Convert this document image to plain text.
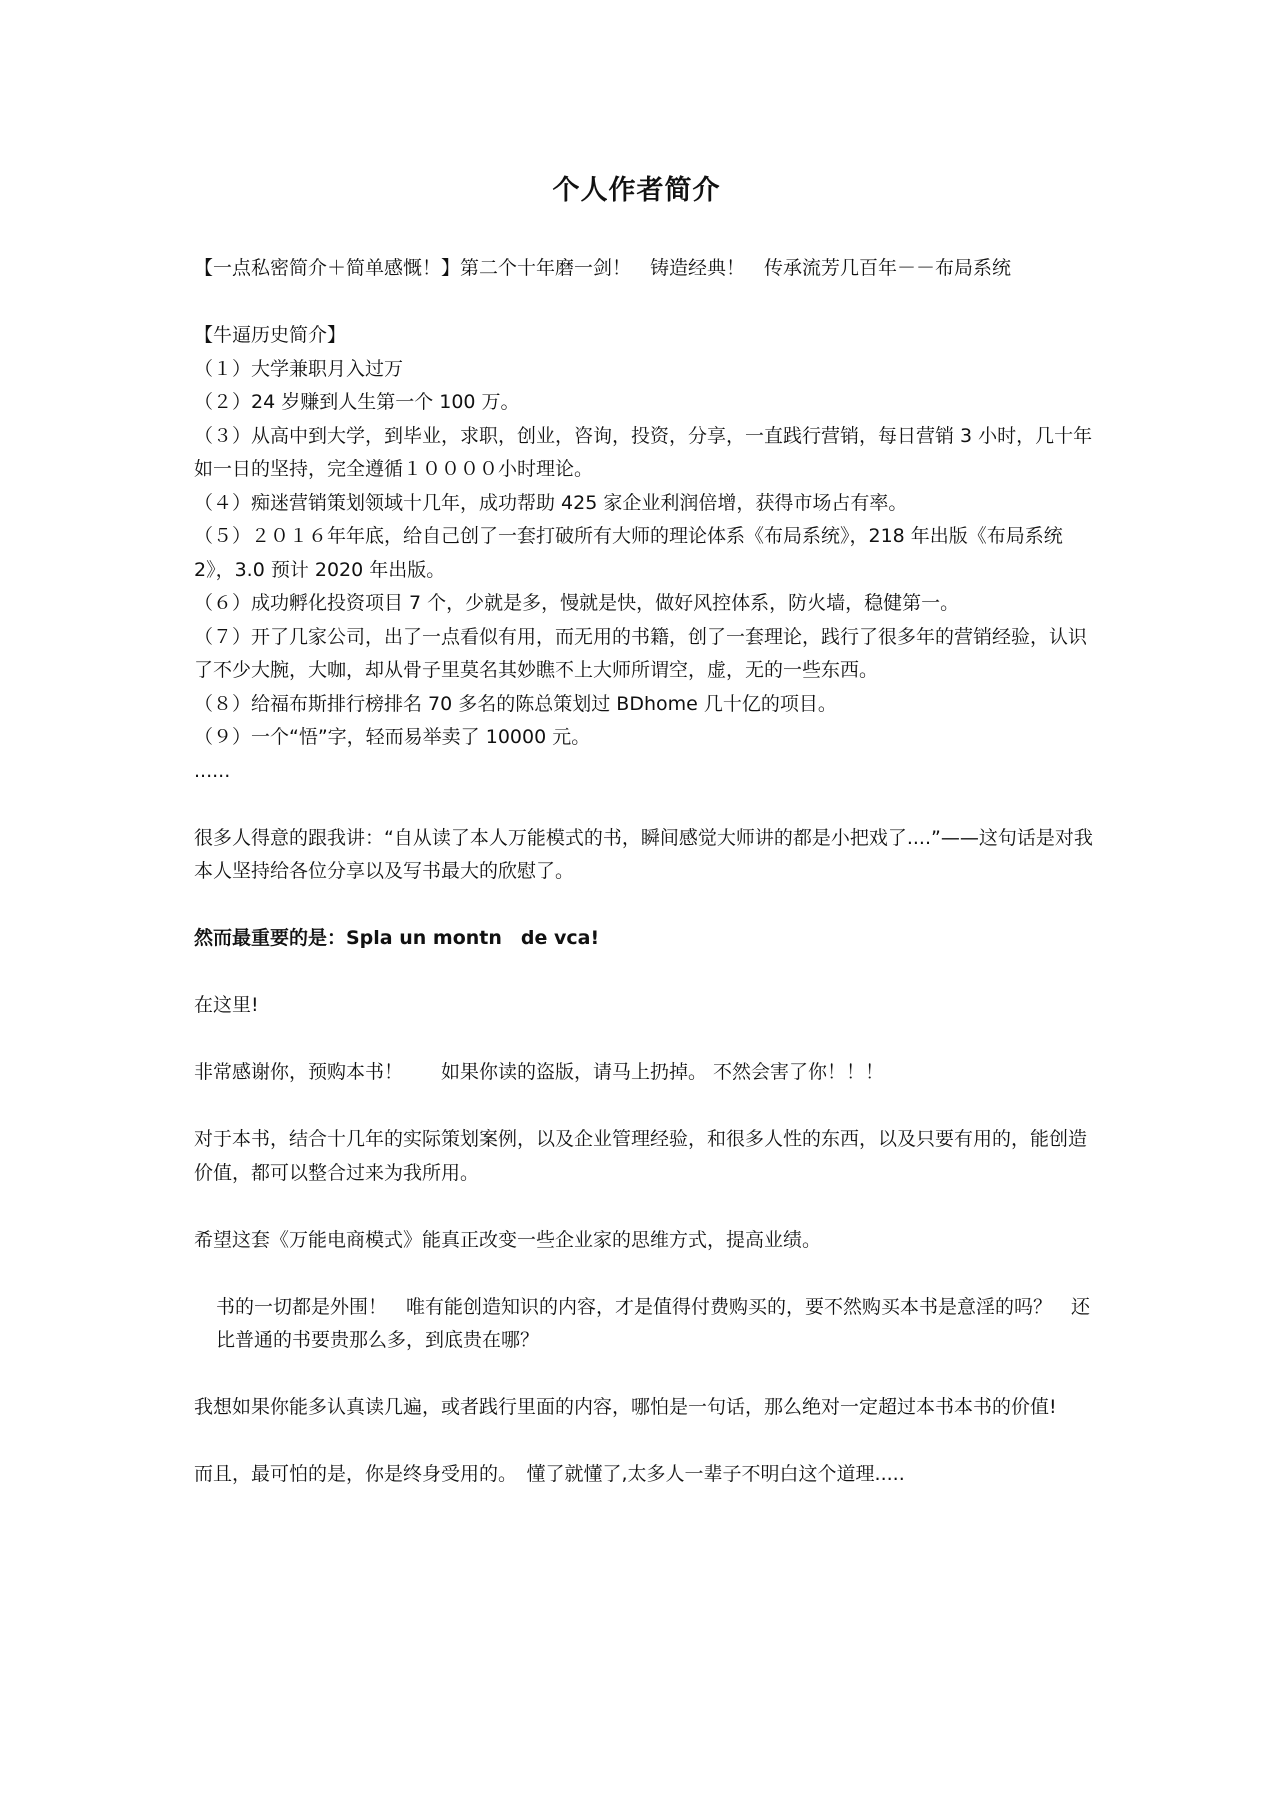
个人作者简介

【一点私密简介＋简单感慨！】第二个十年磨一剑！　铸造经典！　传承流芳几百年－－布局系统

【牛逼历史简介】

（１）大学兼职月入过万

（２）24 岁赚到人生第一个 100 万。

（３）从高中到大学，到毕业，求职，创业，咨询，投资，分享，一直践行营销，每日营销 3 小时，几十年如一日的坚持，完全遵循１００００小时理论。

（４）痴迷营销策划领域十几年，成功帮助 425 家企业利润倍增，获得市场占有率。

（５）２０１６年年底，给自己创了一套打破所有大师的理论体系《布局系统》，218 年出版《布局系统 2》，3.0 预计 2020 年出版。

（６）成功孵化投资项目 7 个，少就是多，慢就是快，做好风控体系，防火墙，稳健第一。

（７）开了几家公司，出了一点看似有用，而无用的书籍，创了一套理论，践行了很多年的营销经验，认识了不少大腕，大咖，却从骨子里莫名其妙瞧不上大师所谓空，虚，无的一些东西。

（８）给福布斯排行榜排名 70 多名的陈总策划过 BDhome 几十亿的项目。

（９）一个“悟”字，轻而易举卖了 10000 元。

......

很多人得意的跟我讲：“自从读了本人万能模式的书，瞬间感觉大师讲的都是小把戏了....”——这句话是对我本人坚持给各位分享以及写书最大的欣慰了。

然而最重要的是：Spla un montn　de vca!

在这里!

非常感谢你，预购本书！　　如果你读的盗版，请马上扔掉。 不然会害了你！！！

对于本书，结合十几年的实际策划案例，以及企业管理经验，和很多人性的东西，以及只要有用的，能创造价值，都可以整合过来为我所用。

希望这套《万能电商模式》能真正改变一些企业家的思维方式，提高业绩。

书的一切都是外围！　唯有能创造知识的内容，才是值得付费购买的，要不然购买本书是意淫的吗？　还比普通的书要贵那么多，到底贵在哪？

我想如果你能多认真读几遍，或者践行里面的内容，哪怕是一句话，那么绝对一定超过本书本书的价值!

而且，最可怕的是，你是终身受用的。　懂了就懂了,太多人一辈子不明白这个道理.....
